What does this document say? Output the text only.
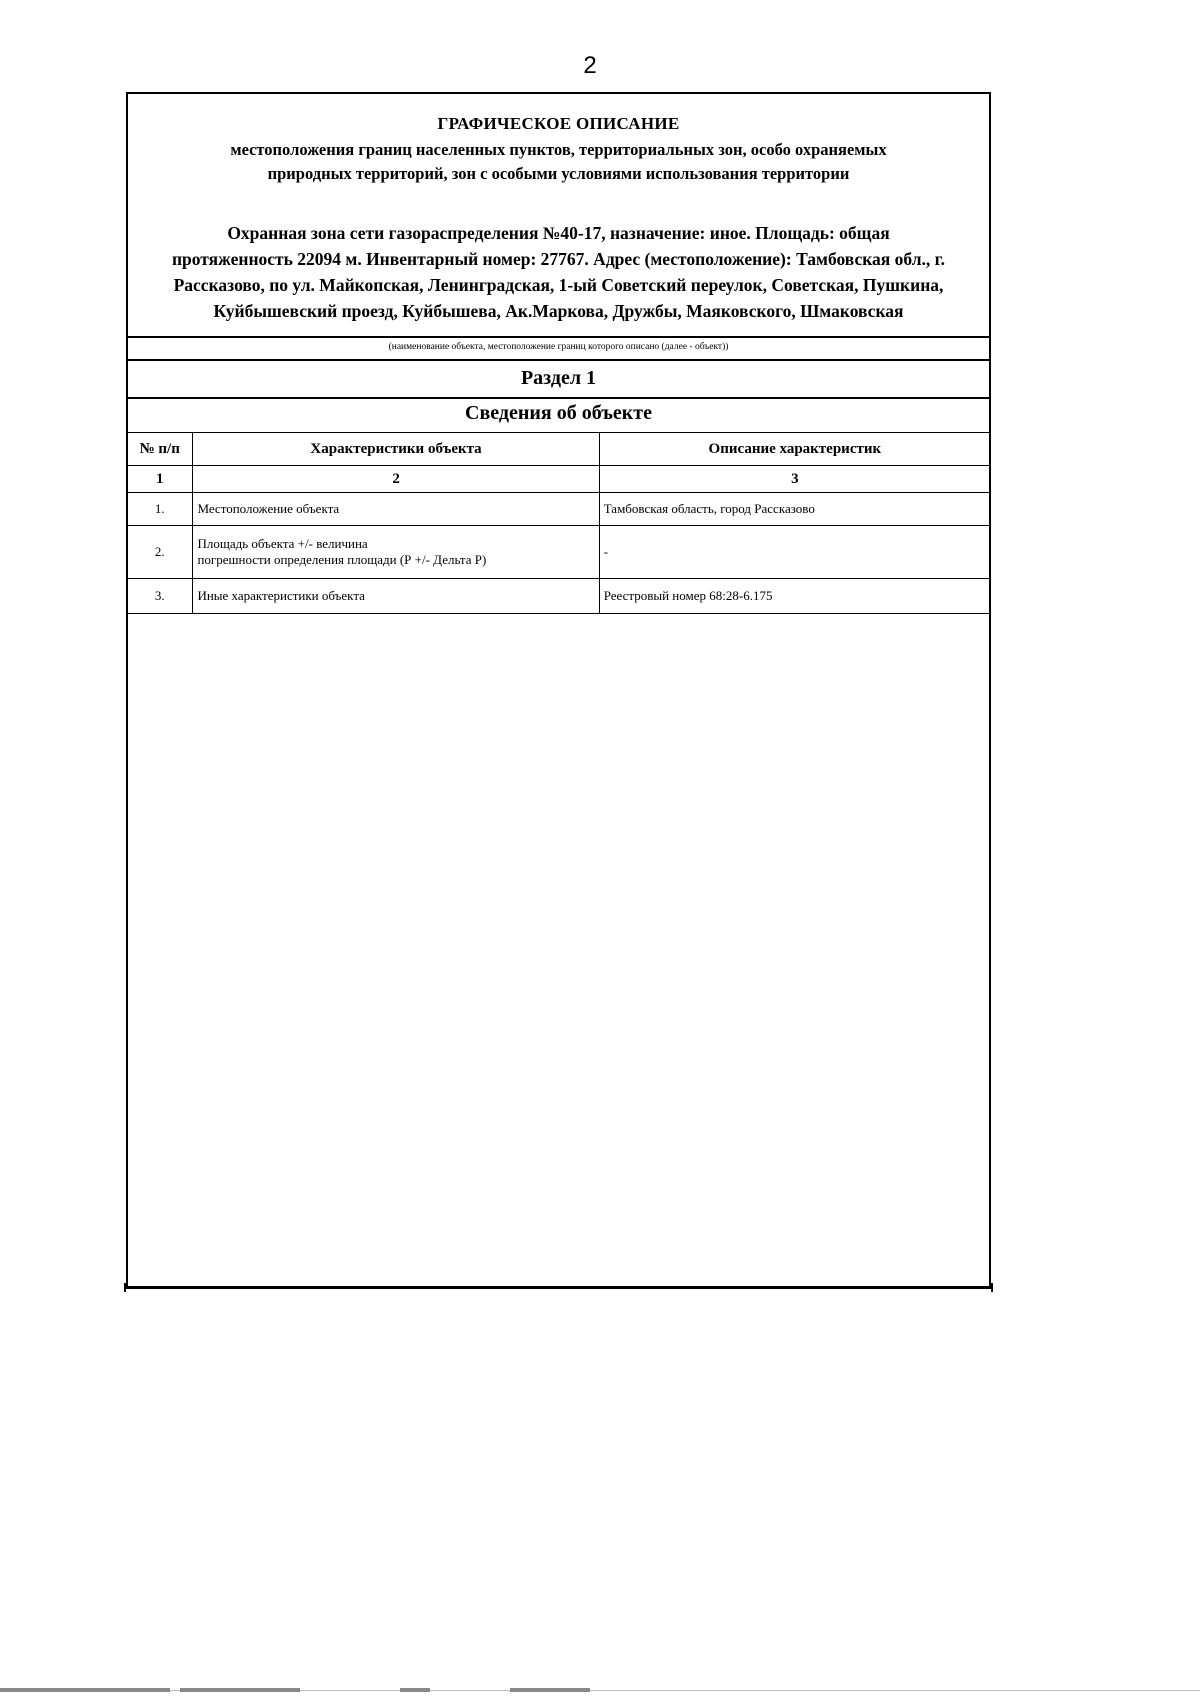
2
ГРАФИЧЕСКОЕ ОПИСАНИЕ
местоположения границ населенных пунктов, территориальных зон, особо охраняемых
природных территорий, зон с особыми условиями использования территории
Охранная зона сети газораспределения №40-17, назначение: иное. Площадь: общая
протяженность 22094 м. Инвентарный номер: 27767. Адрес (местоположение): Тамбовская обл., г.
Рассказово, по ул. Майкопская, Ленинградская, 1-ый Советский переулок, Советская, Пушкина,
Куйбышевский проезд, Куйбышева, Ак.Маркова, Дружбы, Маяковского, Шмаковская
(наименование объекта, местоположение границ которого описано (далее - объект))
Раздел 1
Сведения об объекте
№ п/п	Характеристики объекта	Описание характеристик
1	2	3
1.	Местоположение объекта	Тамбовская область, город Рассказово
2.	Площадь объекта +/- величина
погрешности определения площади (Р +/- Дельта Р)	-
3.	Иные характеристики объекта	Реестровый номер 68:28-6.175
